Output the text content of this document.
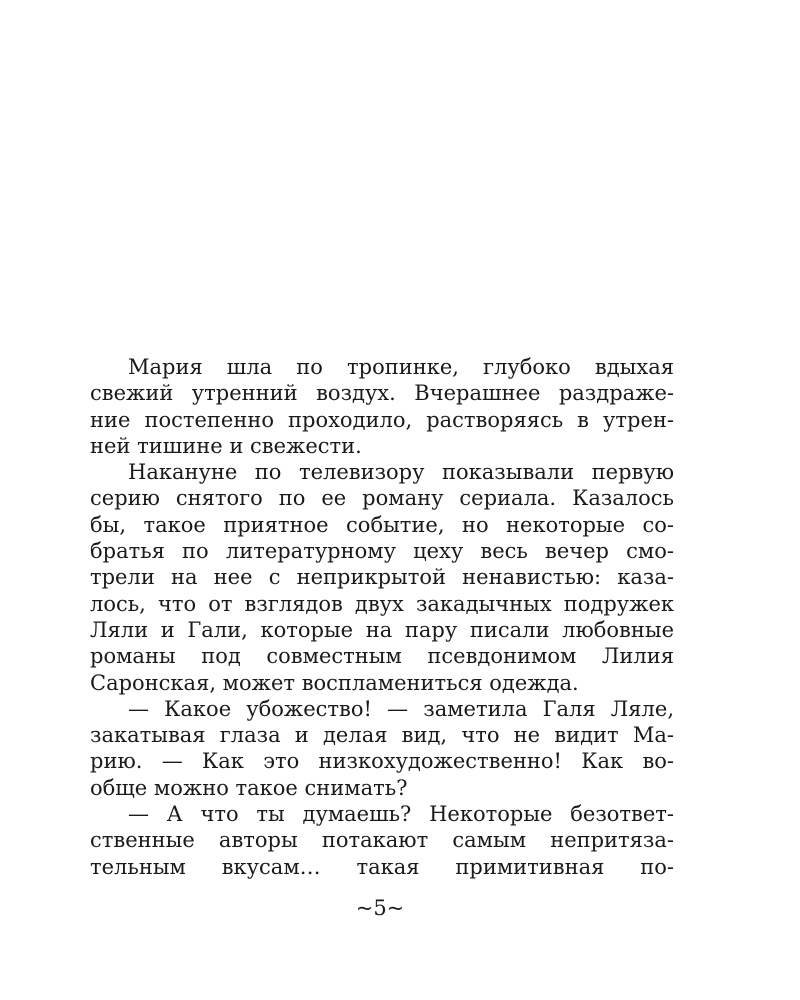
Мария шла по тропинке, глубоко вдыхая
свежий утренний воздух. Вчерашнее раздраже-
ние постепенно проходило, растворяясь в утрен-
ней тишине и свежести.
Накануне по телевизору показывали первую
серию снятого по ее роману сериала. Казалось
бы, такое приятное событие, но некоторые со-
братья по литературному цеху весь вечер смо-
трели на нее с неприкрытой ненавистью: каза-
лось, что от взглядов двух закадычных подружек
Ляли и Гали, которые на пару писали любовные
романы под совместным псевдонимом Лилия
Саронская, может воспламениться одежда.
— Какое убожество! — заметила Галя Ляле,
закатывая глаза и делая вид, что не видит Ма-
рию. — Как это низкохудожественно! Как во-
обще можно такое снимать?
— А что ты думаешь? Некоторые безответ-
ственные авторы потакают самым непритяза-
тельным вкусам… такая примитивная по-
~5~
